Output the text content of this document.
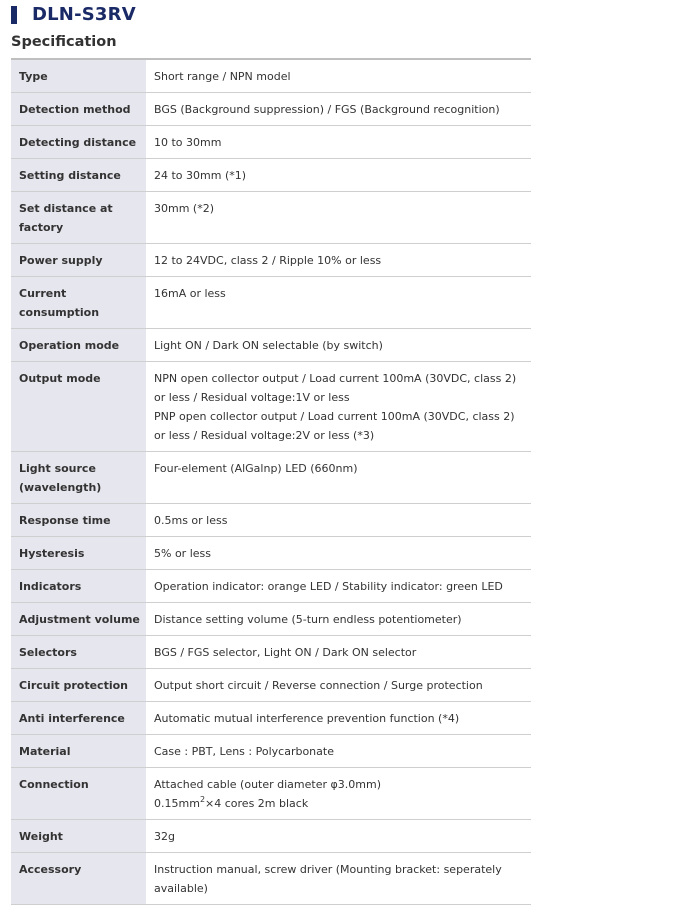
DLN-S3RV
Specification
Type	Short range / NPN model
Detection method	BGS (Background suppression) / FGS (Background recognition)
Detecting distance	10 to 30mm
Setting distance	24 to 30mm (*1)
Set distance at factory	30mm (*2)
Power supply	12 to 24VDC, class 2 / Ripple 10% or less
Current consumption	16mA or less
Operation mode	Light ON / Dark ON selectable (by switch)
Output mode	NPN open collector output / Load current 100mA (30VDC, class 2) or less / Residual voltage:1V or less
PNP open collector output / Load current 100mA (30VDC, class 2) or less / Residual voltage:2V or less (*3)

Light source (wavelength)	Four-element (AlGalnp) LED (660nm)
Response time	0.5ms or less
Hysteresis	5% or less
Indicators	Operation indicator: orange LED / Stability indicator: green LED
Adjustment volume	Distance setting volume (5-turn endless potentiometer)
Selectors	BGS / FGS selector, Light ON / Dark ON selector
Circuit protection	Output short circuit / Reverse connection / Surge protection
Anti interference	Automatic mutual interference prevention function (*4)
Material	Case : PBT, Lens : Polycarbonate
Connection	Attached cable (outer diameter φ3.0mm)
$0.15mm^2\times 4$ cores 2m black

Weight	32g
Accessory	Instruction manual, screw driver (Mounting bracket: seperately available)
